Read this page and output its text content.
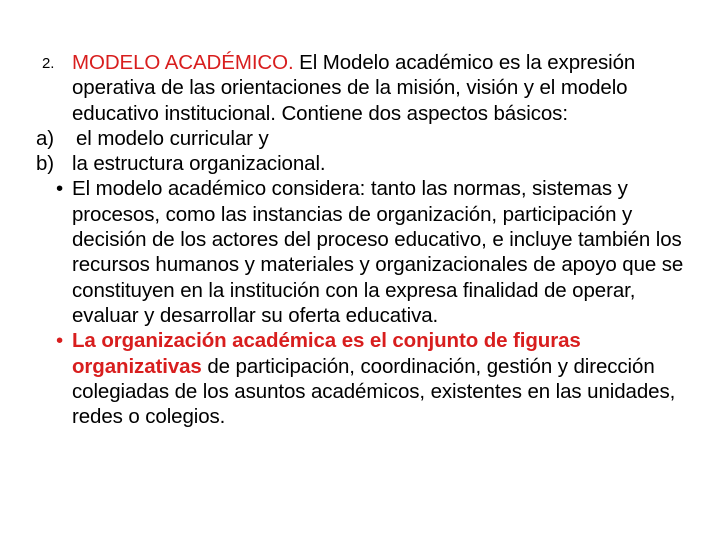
2. MODELO ACADÉMICO. El Modelo académico es la expresión operativa de las orientaciones de la misión, visión y el modelo educativo institucional. Contiene dos aspectos básicos:

a)	el modelo curricular y

b) la estructura organizacional.

• El modelo académico considera: tanto las normas, sistemas y procesos, como las instancias de organización, participación y decisión de los actores del proceso educativo, e incluye también los recursos humanos y materiales y organizacionales de apoyo que se constituyen en la institución con la expresa finalidad de operar, evaluar y desarrollar su oferta educativa.

• La organización académica es el conjunto de figuras organizativas de participación, coordinación, gestión y dirección colegiadas de los asuntos académicos, existentes en las unidades, redes o colegios.
